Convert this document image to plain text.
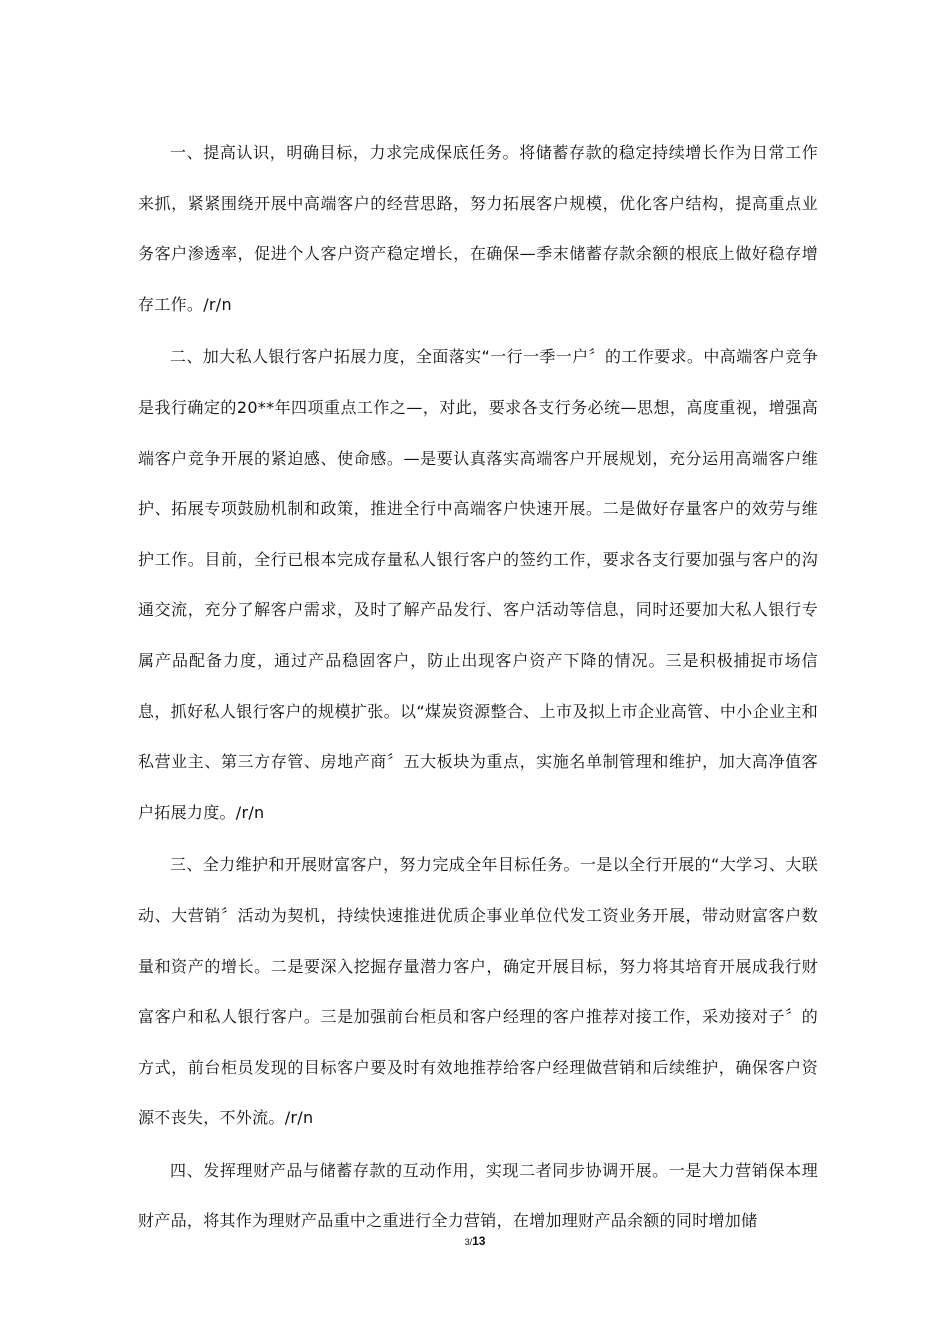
一、提高认识，明确目标，力求完成保底任务。将储蓄存款的稳定持续增长作为日常工作来抓，紧紧围绕开展中高端客户的经营思路，努力拓展客户规模，优化客户结构，提高重点业务客户渗透率，促进个人客户资产稳定增长，在确保—季末储蓄存款余额的根底上做好稳存增存工作。/r/n

二、加大私人银行客户拓展力度，全面落实“一行一季一户〞的工作要求。中高端客户竞争是我行确定的20**年四项重点工作之—，对此，要求各支行务必统—思想，高度重视，增强高端客户竞争开展的紧迫感、使命感。—是要认真落实高端客户开展规划，充分运用高端客户维护、拓展专项鼓励机制和政策，推进全行中高端客户快速开展。二是做好存量客户的效劳与维护工作。目前，全行已根本完成存量私人银行客户的签约工作，要求各支行要加强与客户的沟通交流，充分了解客户需求，及时了解产品发行、客户活动等信息，同时还要加大私人银行专属产品配备力度，通过产品稳固客户，防止出现客户资产下降的情况。三是积极捕捉市场信息，抓好私人银行客户的规模扩张。以“煤炭资源整合、上市及拟上市企业高管、中小企业主和私营业主、第三方存管、房地产商〞五大板块为重点，实施名单制管理和维护，加大高净值客户拓展力度。/r/n

三、全力维护和开展财富客户，努力完成全年目标任务。一是以全行开展的“大学习、大联动、大营销〞活动为契机，持续快速推进优质企事业单位代发工资业务开展，带动财富客户数量和资产的增长。二是要深入挖掘存量潜力客户，确定开展目标，努力将其培育开展成我行财富客户和私人银行客户。三是加强前台柜员和客户经理的客户推荐对接工作，采劝接对子〞的方式，前台柜员发现的目标客户要及时有效地推荐给客户经理做营销和后续维护，确保客户资源不丧失，不外流。/r/n

四、发挥理财产品与储蓄存款的互动作用，实现二者同步协调开展。一是大力营销保本理财产品，将其作为理财产品重中之重进行全力营销，在增加理财产品余额的同时增加储

3/13
